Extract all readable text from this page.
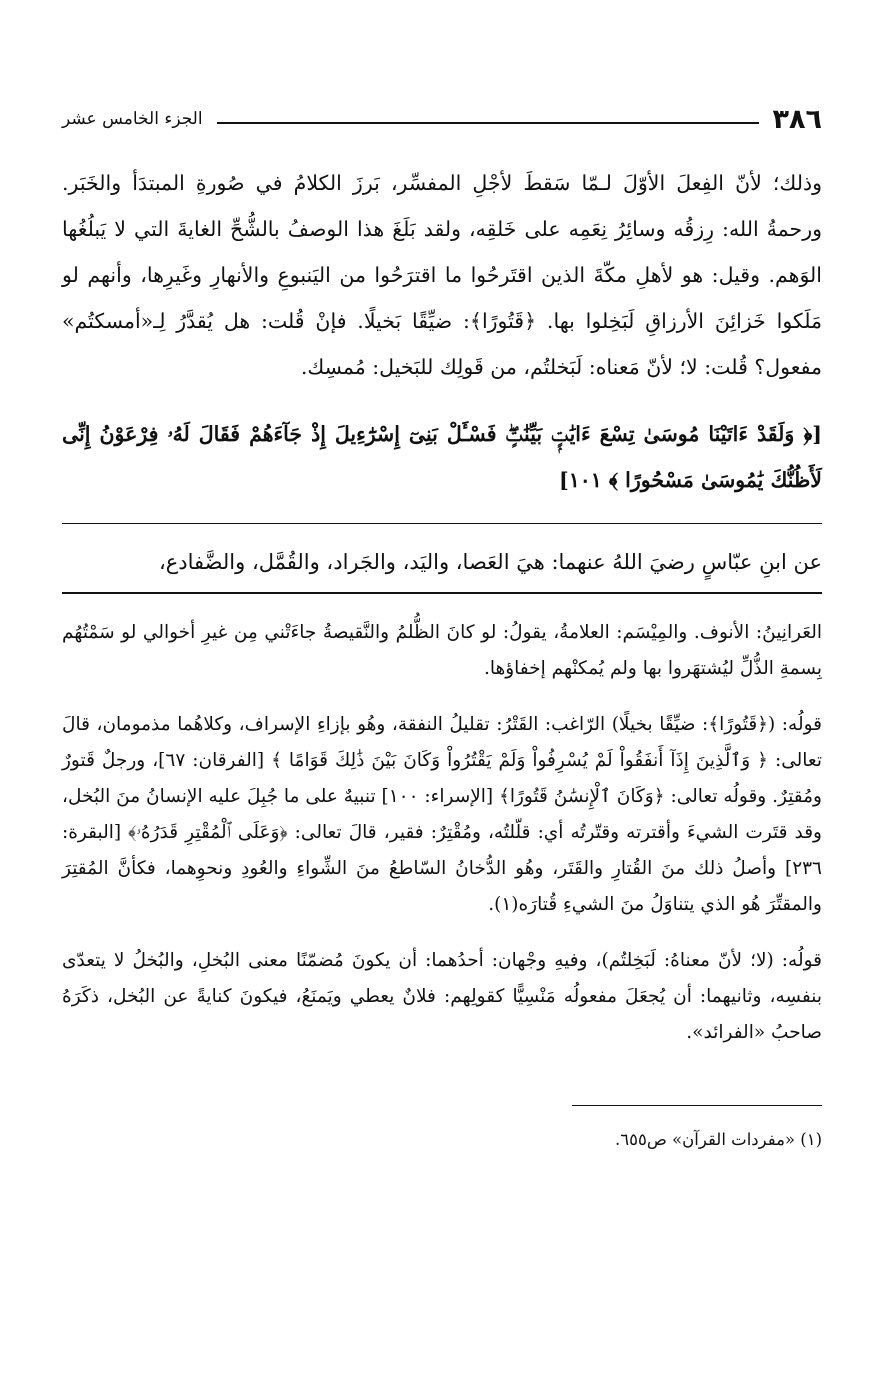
٣٨٦
الجزء الخامس عشر

وذلك؛ لأنّ الفِعلَ الأوّلَ لـمّا سَقطَ لأجْلِ المفسِّر، بَرزَ الكلامُ في صُورةِ المبتدَأ والخَبَر. ورحمةُ الله: رِزقُه وسائِرُ نِعَمِه على خَلقِه، ولقد بَلَغَ هذا الوصفُ بالشُّحِّ الغايةَ التي لا يَبلُغُها الوَهم. وقيل: هو لأهلِ مكّةَ الذين اقتَرحُوا ما اقترَحُوا من اليَنبوعِ والأنهارِ وغَيرِها، وأنهم لو مَلَكوا خَزائِنَ الأرزاقِ لَبَخِلوا بها. ﴿قَتُورًا﴾: ضيِّقًا بَخيلًا. فإنْ قُلت: هل يُقدَّرُ لِـ«أمسكتُم» مفعول؟ قُلت: لا؛ لأنّ مَعناه: لَبَخلتُم، من قَولِك للبَخيل: مُمسِك.

[﴿ وَلَقَدْ ءَاتَيْنَا مُوسَىٰ تِسْعَ ءَايَٰتٍۭ بَيِّنَٰتٍۖ فَسْـَٔلْ بَنِىٓ إِسْرَٰٓءِيلَ إِذْ جَآءَهُمْ فَقَالَ لَهُۥ فِرْعَوْنُ إِنِّى لَأَظُنُّكَ يَٰمُوسَىٰ مَسْحُورًا ﴾ ١٠١]

عن ابنِ عبّاسٍ رضيَ اللهُ عنهما: هيَ العَصا، واليَد، والجَراد، والقُمَّل، والضَّفادع،

العَرانِينُ: الأنوف. والمِيْسَم: العلامةُ، يقولُ: لو كانَ الظُّلمُ والنَّقيصةُ جاءَتْني مِن غيرِ أخوالي لو سَمْتُهُم بِسمةِ الذُّلِّ ليُشتهَروا بها ولم يُمكنْهم إخفاؤها.

قولُه: (﴿قَتُورًا﴾: ضيِّقًا بخيلًا) الرّاغب: القَتْرُ: تقليلُ النفقة، وهُو بإزاءِ الإسراف، وكلاهُما مذمومان، قالَ تعالى: ﴿ وَٱلَّذِينَ إِذَآ أَنفَقُواْ لَمْ يُسْرِفُواْ وَلَمْ يَقْتُرُواْ وَكَانَ بَيْنَ ذَٰلِكَ قَوَامًا ﴾ [الفرقان: ٦٧]، ورجلٌ قَتورٌ ومُقتِرٌ. وقولُه تعالى: ﴿وَكَانَ ٱلْإِنسَٰنُ قَتُورًا﴾ [الإسراء: ١٠٠] تنبيهٌ على ما جُبِلَ عليه الإنسانُ منَ البُخل، وقد قتَرت الشيءَ وأقترته وقتّرتُه أي: قلّلتُه، ومُقْتِرٌ: فقير، قالَ تعالى: ﴿وَعَلَى ٱلْمُقْتِرِ قَدَرُهُۥ﴾ [البقرة: ٢٣٦] وأصلُ ذلك منَ القُتارِ والقَتَر، وهُو الدُّخانُ السّاطعُ منَ الشِّواءِ والعُودِ ونحوِهما، فكأنَّ المُقتِرَ والمقتِّرَ هُو الذي يتناوَلُ منَ الشيءِ قُتارَه(١).

قولُه: (لا؛ لأنّ معناهُ: لَبَخِلتُم)، وفيهِ وجْهان: أحدُهما: أن يكونَ مُضمّنًا معنى البُخلِ، والبُخلُ لا يتعدّى بنفسِه، وثانيهما: أن يُجعَلَ مفعولُه مَنْسِيًّا كقولِهم: فلانٌ يعطي ويَمنَعُ، فيكونَ كنايةً عن البُخل، ذكَرَهُ صاحبُ «الفرائد».

(١) «مفردات القرآن» ص٦٥٥.
